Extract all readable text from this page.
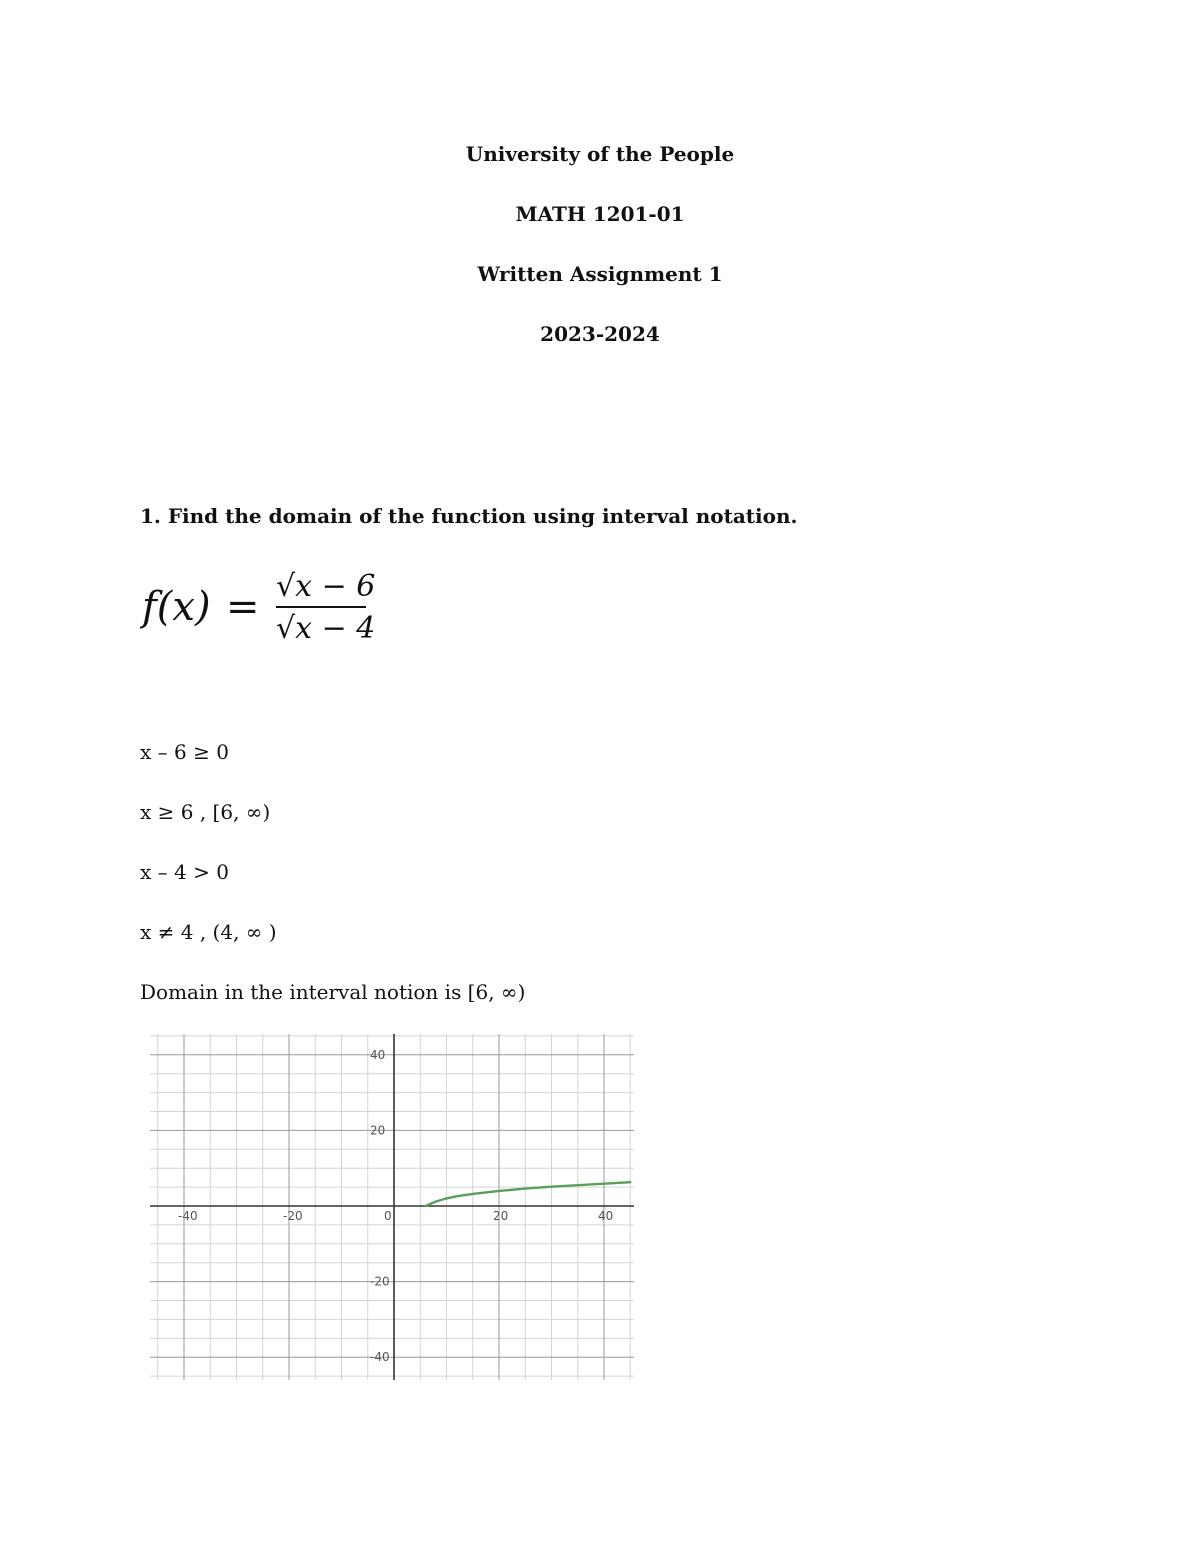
University of the People
MATH 1201-01
Written Assignment 1
2023-2024
1. Find the domain of the function using interval notation.
f(x) = √x − 6
√x − 4
x – 6 ≥ 0
x ≥ 6 , [6, ∞)
x – 4 > 0
x ≠ 4 , (4, ∞ )
Domain in the interval notion is [6, ∞)
-40	-20	0	20	40
40
20
-20
-40
